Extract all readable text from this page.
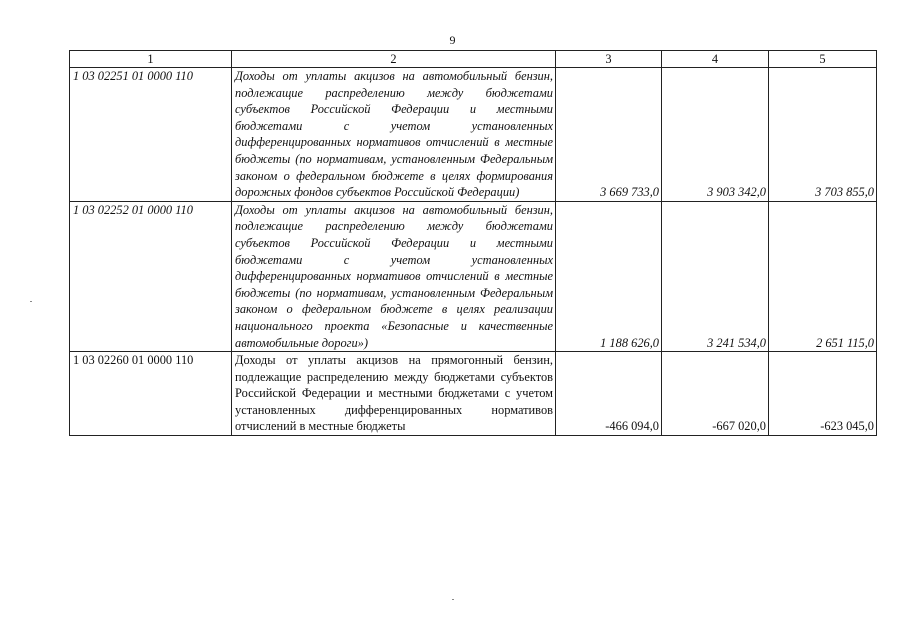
9
1	2	3	4	5
1 03 02251 01 0000 110	Доходы от уплаты акцизов на автомобильный бензин, подлежащие распределению между бюджетами субъектов Российской Федерации и местными бюджетами с учетом установленных дифференцированных нормативов отчислений в местные бюджеты (по нормативам, установленным Федеральным законом о федеральном бюджете в целях формирования дорожных фондов субъектов Российской Федерации)	3 669 733,0	3 903 342,0	3 703 855,0
1 03 02252 01 0000 110	Доходы от уплаты акцизов на автомобильный бензин, подлежащие распределению между бюджетами субъектов Российской Федерации и местными бюджетами с учетом установленных дифференцированных нормативов отчислений в местные бюджеты (по нормативам, установленным Федеральным законом о федеральном бюджете в целях реализации национального проекта «Безопасные и качественные автомобильные дороги»)	1 188 626,0	3 241 534,0	2 651 115,0
1 03 02260 01 0000 110	Доходы от уплаты акцизов на прямогонный бензин, подлежащие распределению между бюджетами субъектов Российской Федерации и местными бюджетами с учетом установленных дифференцированных нормативов отчислений в местные бюджеты	-466 094,0	-667 020,0	-623 045,0
